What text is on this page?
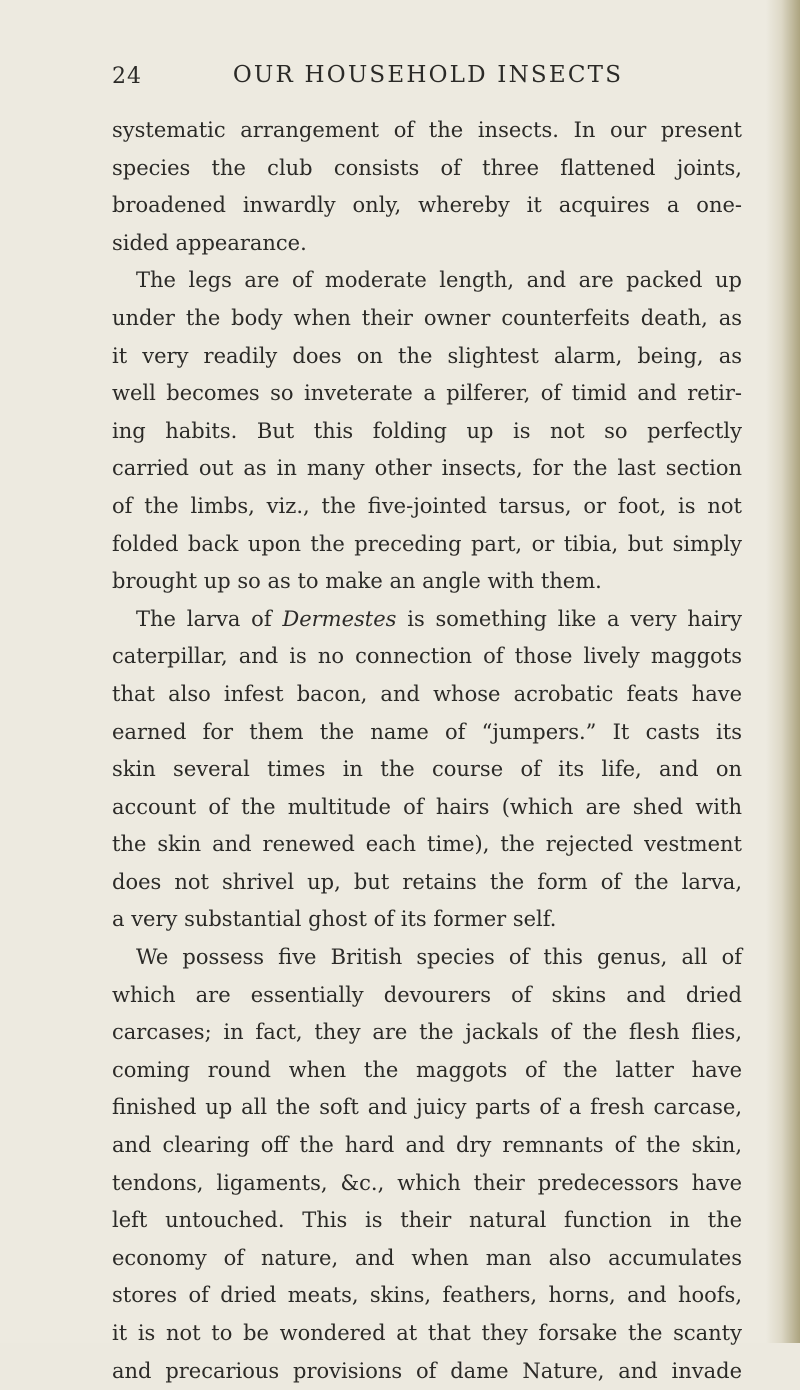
24	OUR HOUSEHOLD INSECTS
systematic arrangement of the insects. In our present
species the club consists of three flattened joints,
broadened inwardly only, whereby it acquires a one-
sided appearance.
The legs are of moderate length, and are packed up
under the body when their owner counterfeits death, as
it very readily does on the slightest alarm, being, as
well becomes so inveterate a pilferer, of timid and retir-
ing habits. But this folding up is not so perfectly
carried out as in many other insects, for the last section
of the limbs, viz., the five-jointed tarsus, or foot, is not
folded back upon the preceding part, or tibia, but simply
brought up so as to make an angle with them.
The larva of Dermestes is something like a very hairy
caterpillar, and is no connection of those lively maggots
that also infest bacon, and whose acrobatic feats have
earned for them the name of “jumpers.” It casts its
skin several times in the course of its life, and on
account of the multitude of hairs (which are shed with
the skin and renewed each time), the rejected vestment
does not shrivel up, but retains the form of the larva,
a very substantial ghost of its former self.
We possess five British species of this genus, all of
which are essentially devourers of skins and dried
carcases; in fact, they are the jackals of the flesh flies,
coming round when the maggots of the latter have
finished up all the soft and juicy parts of a fresh carcase,
and clearing off the hard and dry remnants of the skin,
tendons, ligaments, &c., which their predecessors have
left untouched. This is their natural function in the
economy of nature, and when man also accumulates
stores of dried meats, skins, feathers, horns, and hoofs,
it is not to be wondered at that they forsake the scanty
and precarious provisions of dame Nature, and invade
